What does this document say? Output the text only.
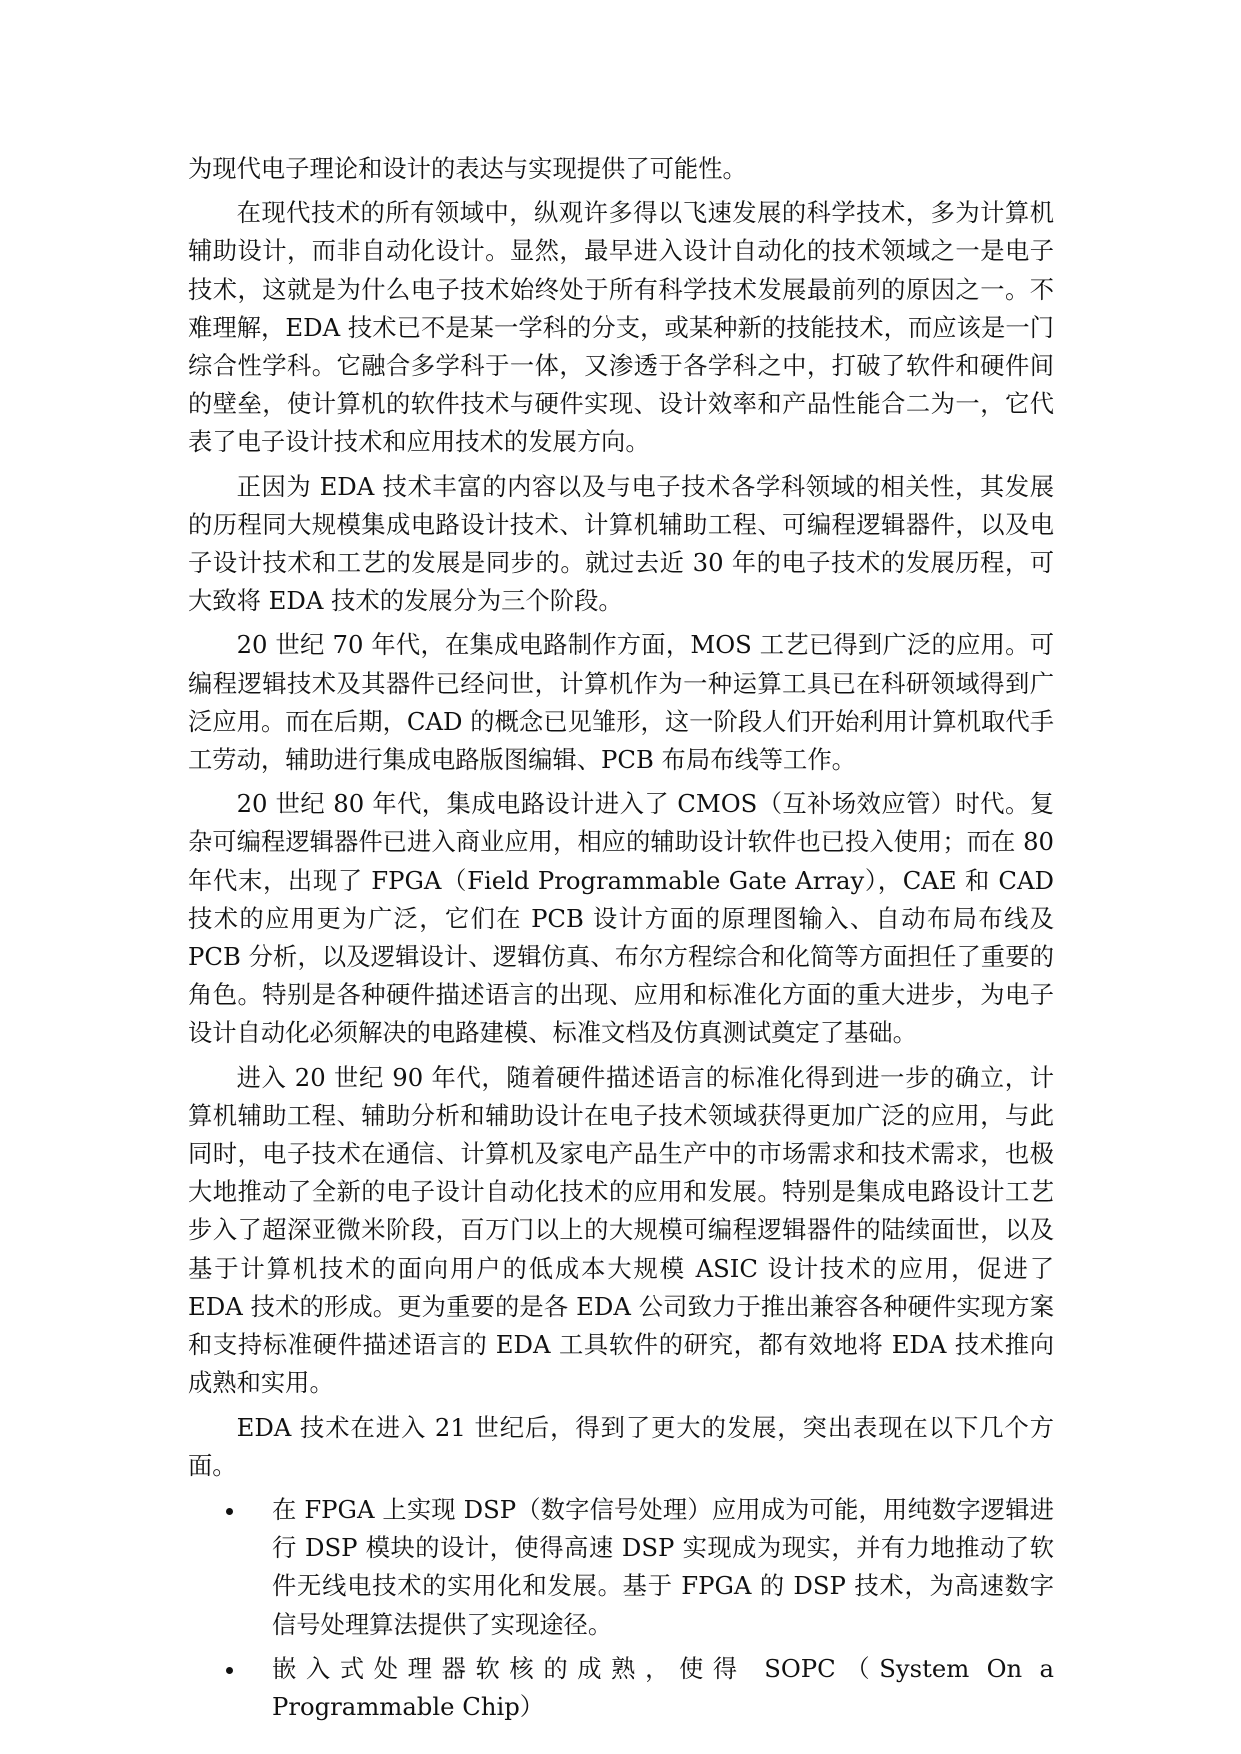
为现代电子理论和设计的表达与实现提供了可能性。

在现代技术的所有领域中，纵观许多得以飞速发展的科学技术，多为计算机辅助设计，而非自动化设计。显然，最早进入设计自动化的技术领域之一是电子技术，这就是为什么电子技术始终处于所有科学技术发展最前列的原因之一。不难理解，EDA 技术已不是某一学科的分支，或某种新的技能技术，而应该是一门综合性学科。它融合多学科于一体，又渗透于各学科之中，打破了软件和硬件间的壁垒，使计算机的软件技术与硬件实现、设计效率和产品性能合二为一，它代表了电子设计技术和应用技术的发展方向。

正因为 EDA 技术丰富的内容以及与电子技术各学科领域的相关性，其发展的历程同大规模集成电路设计技术、计算机辅助工程、可编程逻辑器件，以及电子设计技术和工艺的发展是同步的。就过去近 30 年的电子技术的发展历程，可大致将 EDA 技术的发展分为三个阶段。

20 世纪 70 年代，在集成电路制作方面，MOS 工艺已得到广泛的应用。可编程逻辑技术及其器件已经问世，计算机作为一种运算工具已在科研领域得到广泛应用。而在后期，CAD 的概念已见雏形，这一阶段人们开始利用计算机取代手工劳动，辅助进行集成电路版图编辑、PCB 布局布线等工作。

20 世纪 80 年代，集成电路设计进入了 CMOS（互补场效应管）时代。复杂可编程逻辑器件已进入商业应用，相应的辅助设计软件也已投入使用；而在 80 年代末，出现了 FPGA（Field Programmable Gate Array），CAE 和 CAD 技术的应用更为广泛，它们在 PCB 设计方面的原理图输入、自动布局布线及 PCB 分析，以及逻辑设计、逻辑仿真、布尔方程综合和化简等方面担任了重要的角色。特别是各种硬件描述语言的出现、应用和标准化方面的重大进步，为电子设计自动化必须解决的电路建模、标准文档及仿真测试奠定了基础。

进入 20 世纪 90 年代，随着硬件描述语言的标准化得到进一步的确立，计算机辅助工程、辅助分析和辅助设计在电子技术领域获得更加广泛的应用，与此同时，电子技术在通信、计算机及家电产品生产中的市场需求和技术需求，也极大地推动了全新的电子设计自动化技术的应用和发展。特别是集成电路设计工艺步入了超深亚微米阶段，百万门以上的大规模可编程逻辑器件的陆续面世，以及基于计算机技术的面向用户的低成本大规模 ASIC 设计技术的应用，促进了 EDA 技术的形成。更为重要的是各 EDA 公司致力于推出兼容各种硬件实现方案和支持标准硬件描述语言的 EDA 工具软件的研究，都有效地将 EDA 技术推向成熟和实用。

EDA 技术在进入 21 世纪后，得到了更大的发展，突出表现在以下几个方面。

在 FPGA 上实现 DSP（数字信号处理）应用成为可能，用纯数字逻辑进行 DSP 模块的设计，使得高速 DSP 实现成为现实，并有力地推动了软件无线电技术的实用化和发展。基于 FPGA 的 DSP 技术，为高速数字信号处理算法提供了实现途径。
嵌入式处理器软核的成熟，使得 SOPC（System On a Programmable Chip）
